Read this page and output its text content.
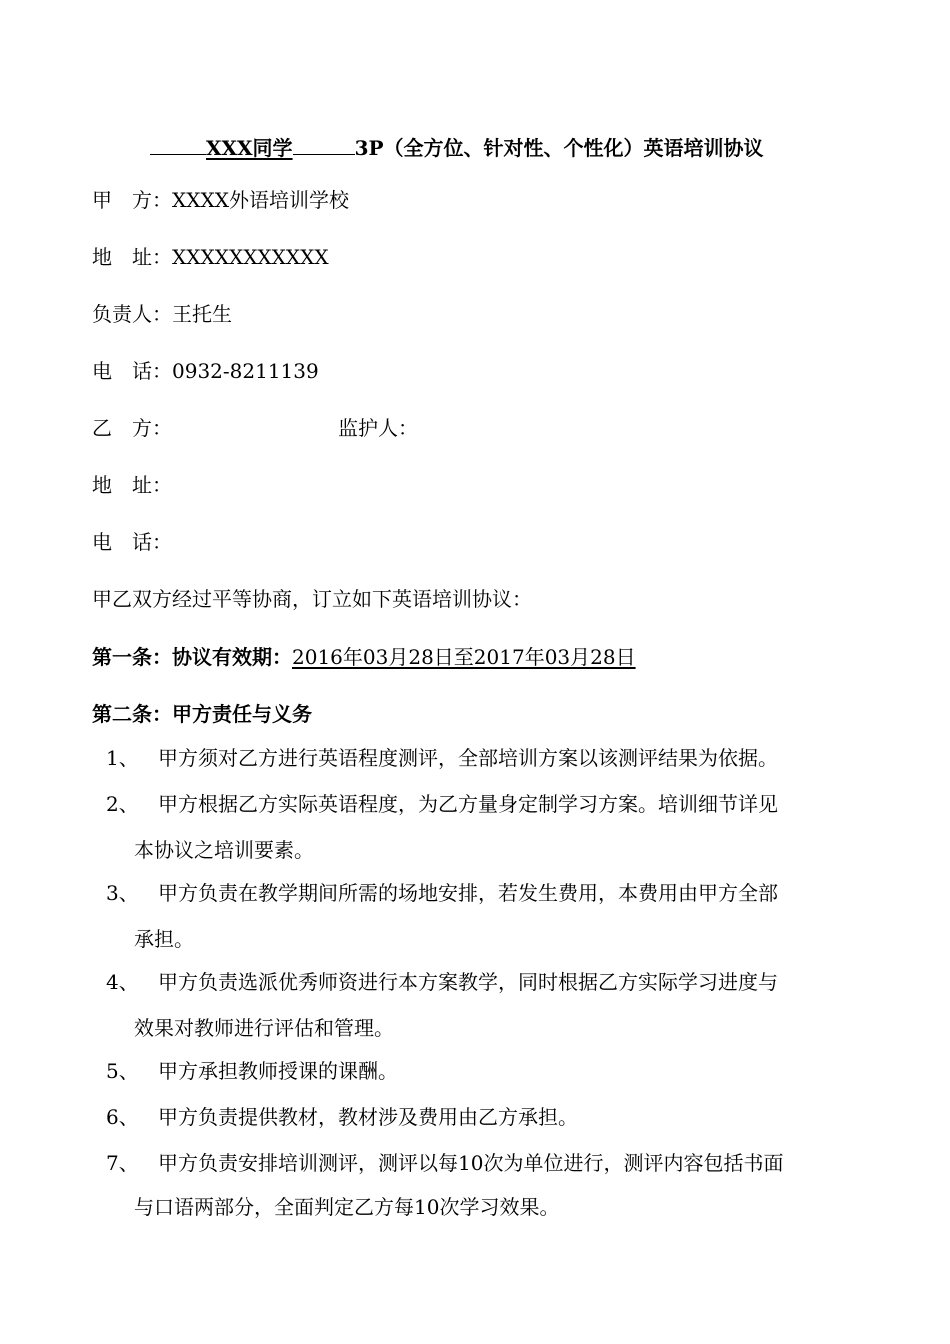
XXX同学	3P（全方位、针对性、个性化）英语培训协议
甲　方：XXXX外语培训学校
地　址：XXXXXXXXXXX
负责人：王托生
电　话：0932-8211139
乙　方：	监护人：
地　址：
电　话：
甲乙双方经过平等协商，订立如下英语培训协议：
第一条：协议有效期：2016年03月28日至2017年03月28日
第二条：甲方责任与义务
1、 甲方须对乙方进行英语程度测评，全部培训方案以该测评结果为依据。
2、 甲方根据乙方实际英语程度，为乙方量身定制学习方案。培训细节详见
本协议之培训要素。
3、 甲方负责在教学期间所需的场地安排，若发生费用，本费用由甲方全部
承担。
4、 甲方负责选派优秀师资进行本方案教学，同时根据乙方实际学习进度与
效果对教师进行评估和管理。
5、 甲方承担教师授课的课酬。
6、 甲方负责提供教材，教材涉及费用由乙方承担。
7、 甲方负责安排培训测评，测评以每10次为单位进行，测评内容包括书面
与口语两部分，全面判定乙方每10次学习效果。
